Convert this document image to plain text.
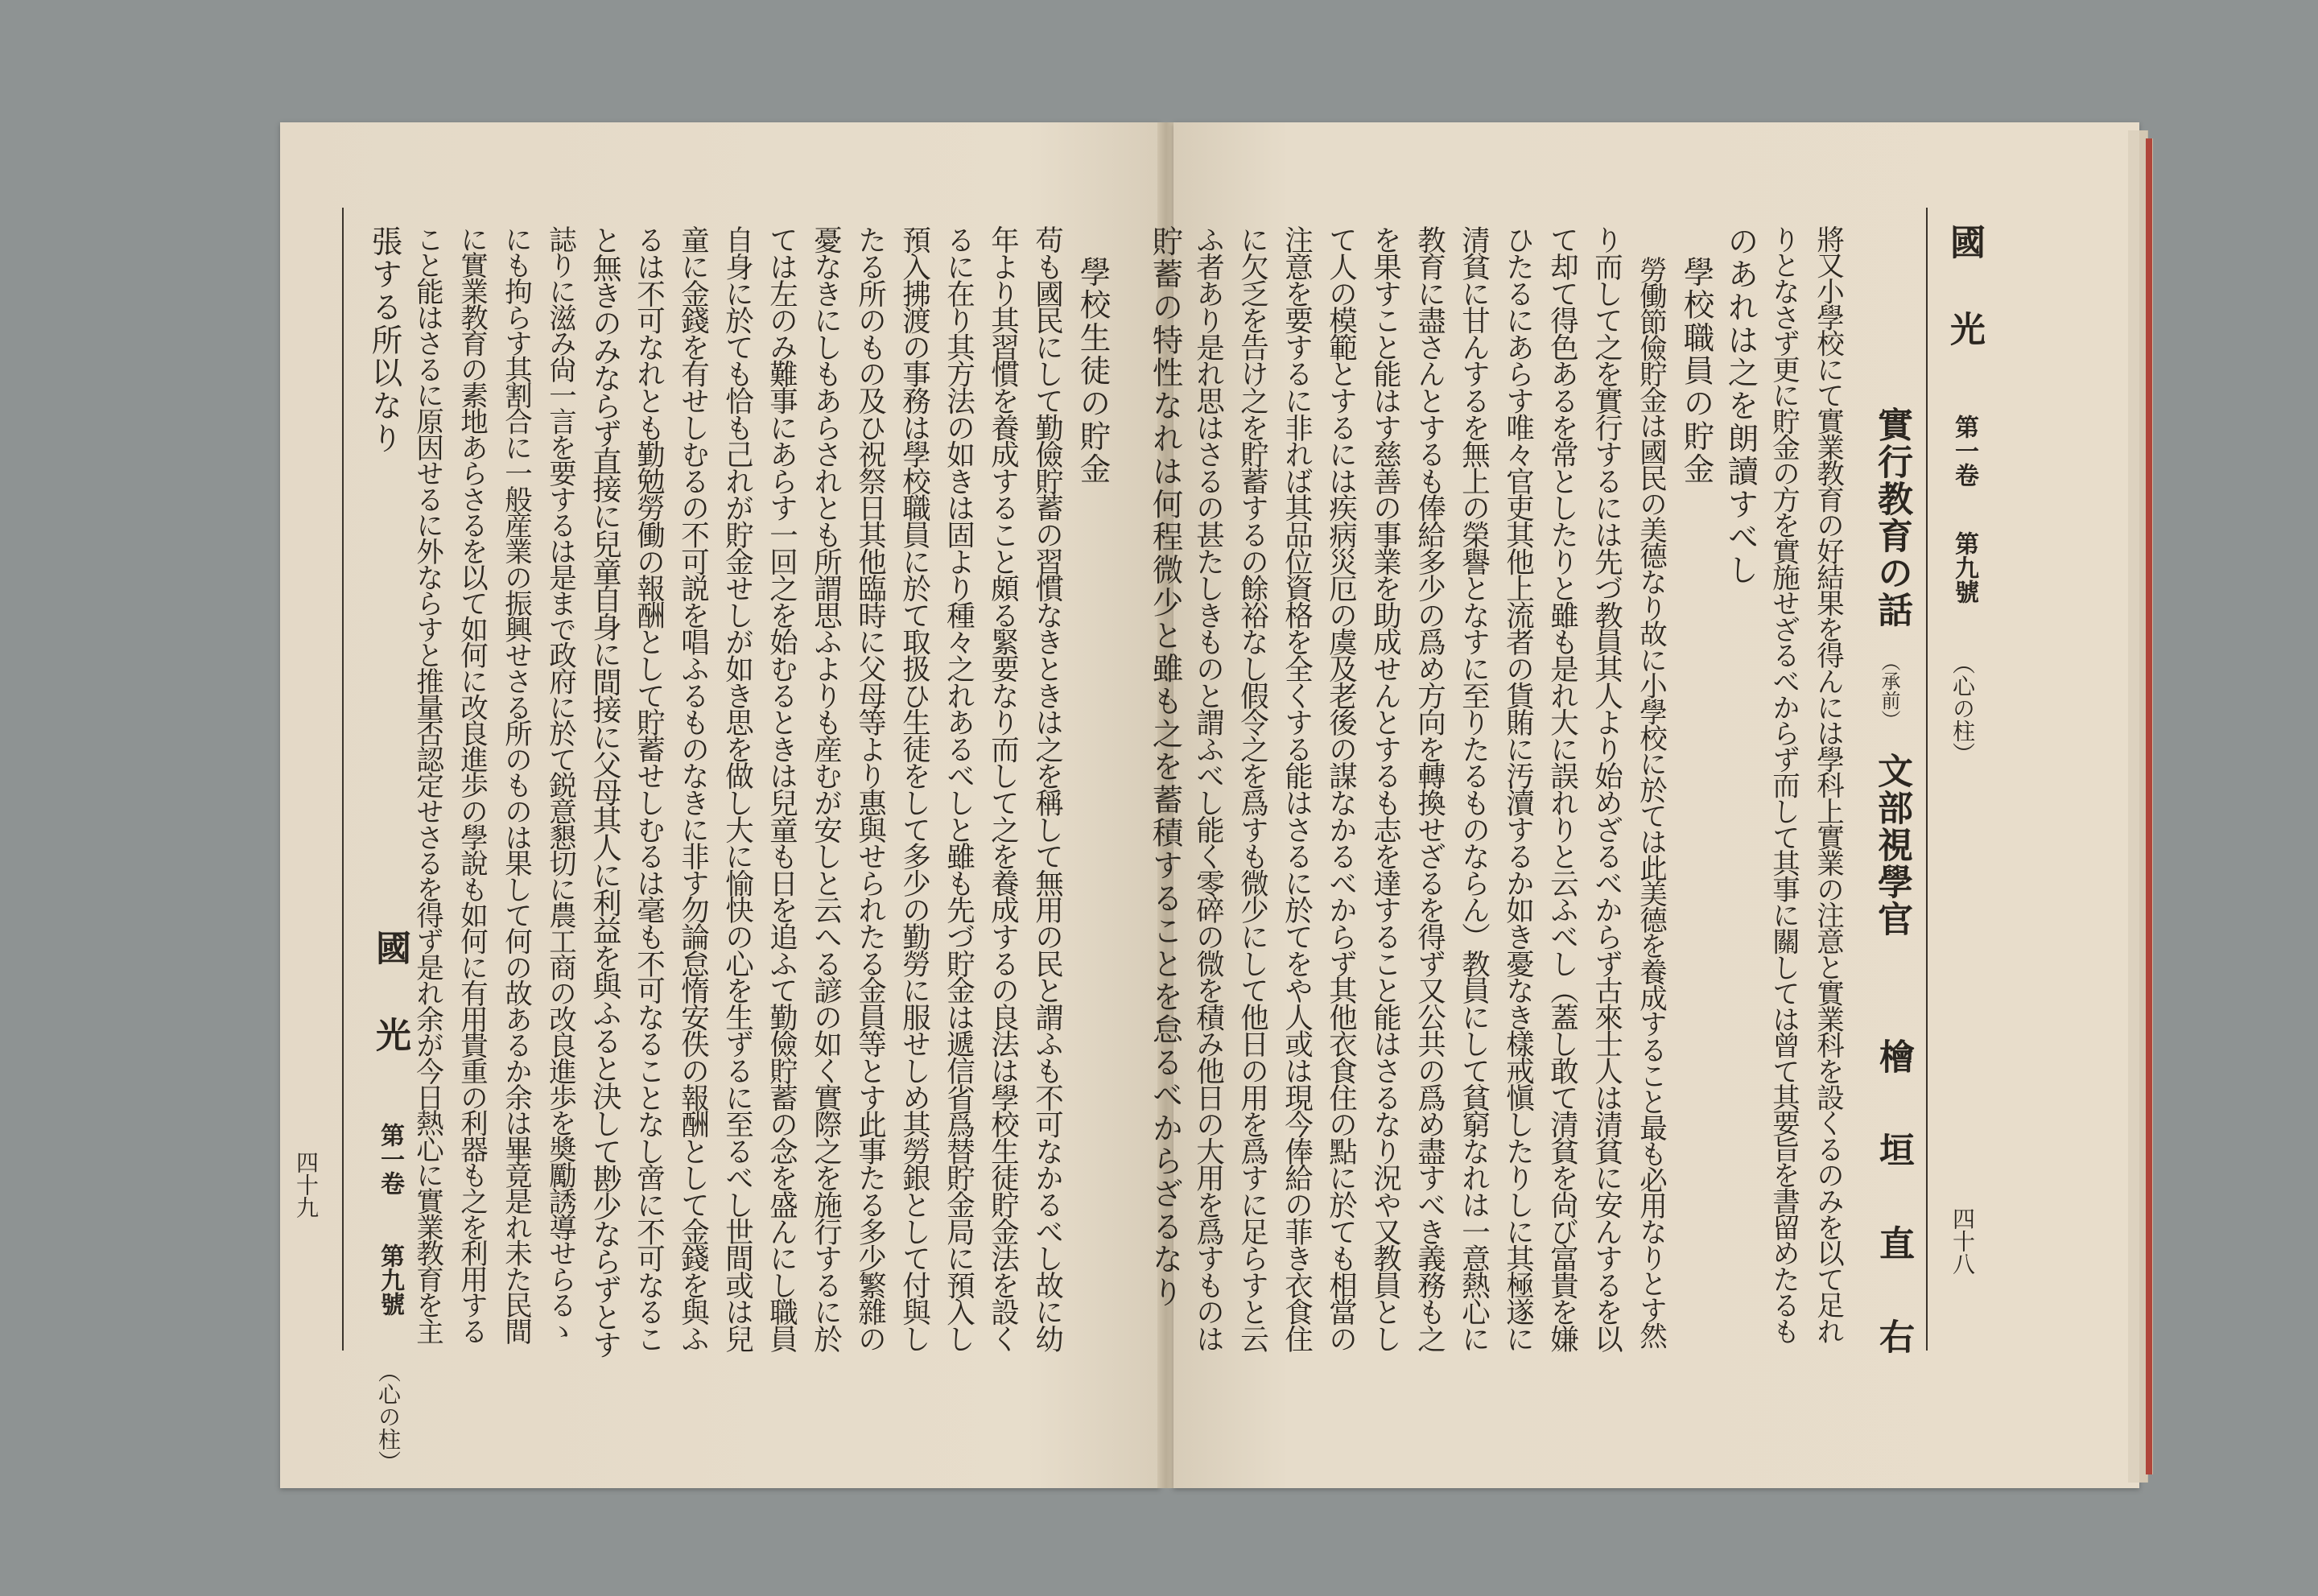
國　光
第一卷
第九號
（心の柱）
四十八
實行教育の話
（承前）
文部視學官
檜　垣　直　右
將又小學校にて實業教育の好結果を得んには學科上實業の注意と實業科を設くるのみを以て足れ
りとなさず更に貯金の方を實施せざるべからず而して其事に關しては曾て其要旨を書留めたるも
のあれは之を朗讀すべし
學校職員の貯金
勞働節儉貯金は國民の美德なり故に小學校に於ては此美德を養成すること最も必用なりとす然
り而して之を實行するには先づ教員其人より始めざるべからず古來士人は清貧に安んするを以
て却て得色あるを常としたりと雖も是れ大に誤れりと云ふべし（蓋し敢て清貧を尙び富貴を嫌
ひたるにあらす唯々官吏其他上流者の貨賄に汚瀆するか如き憂なき樣戒愼したりしに其極遂に
清貧に甘んするを無上の榮譽となすに至りたるものならん）教員にして貧窮なれは一意熱心に
教育に盡さんとするも俸給多少の爲め方向を轉換せざるを得ず又公共の爲め盡すべき義務も之
を果すこと能はす慈善の事業を助成せんとするも志を達すること能はさるなり況や又教員とし
て人の模範とするには疾病災厄の虞及老後の謀なかるべからず其他衣食住の點に於ても相當の
注意を要するに非れば其品位資格を全くする能はさるに於てをや人或は現今俸給の菲き衣食住
に欠乏を告け之を貯蓄するの餘裕なし假令之を爲すも微少にして他日の用を爲すに足らすと云
ふ者あり是れ思はさるの甚たしきものと謂ふべし能く零碎の微を積み他日の大用を爲すものは
貯蓄の特性なれは何程微少と雖も之を蓄積することを怠るべからざるなり
學校生徒の貯金
苟も國民にして勤儉貯蓄の習慣なきときは之を稱して無用の民と謂ふも不可なかるべし故に幼
年より其習慣を養成すること頗る緊要なり而して之を養成するの良法は學校生徒貯金法を設く
るに在り其方法の如きは固より種々之れあるべしと雖も先づ貯金は遞信省爲替貯金局に預入し
預入拂渡の事務は學校職員に於て取扱ひ生徒をして多少の勤勞に服せしめ其勞銀として付與し
たる所のもの及ひ祝祭日其他臨時に父母等より惠與せられたる金員等とす此事たる多少繁雜の
憂なきにしもあらされとも所謂思ふよりも産むが安しと云へる諺の如く實際之を施行するに於
ては左のみ難事にあらす一回之を始むるときは兒童も日を追ふて勤儉貯蓄の念を盛んにし職員
自身に於ても恰も己れが貯金せしが如き思を做し大に愉快の心を生ずるに至るべし世間或は兒
童に金錢を有せしむるの不可説を唱ふるものなきに非す勿論怠惰安佚の報酬として金錢を與ふ
るは不可なれとも勤勉勞働の報酬として貯蓄せしむるは毫も不可なることなし啻に不可なるこ
と無きのみならず直接に兒童自身に間接に父母其人に利益を與ふると決して尠少ならずとす
誌りに滋み尙一言を要するは是まで政府に於て鋭意懇切に農工商の改良進歩を奬勵誘導せらるゝ
にも拘らす其割合に一般産業の振興せさる所のものは果して何の故あるか余は畢竟是れ未た民間
に實業教育の素地あらさるを以て如何に改良進歩の學說も如何に有用貴重の利器も之を利用する
こと能はさるに原因せるに外ならすと推量否認定せさるを得ず是れ余が今日熱心に實業教育を主
張する所以なり
國　光
第一卷
第九號
（心の柱）
四十九
